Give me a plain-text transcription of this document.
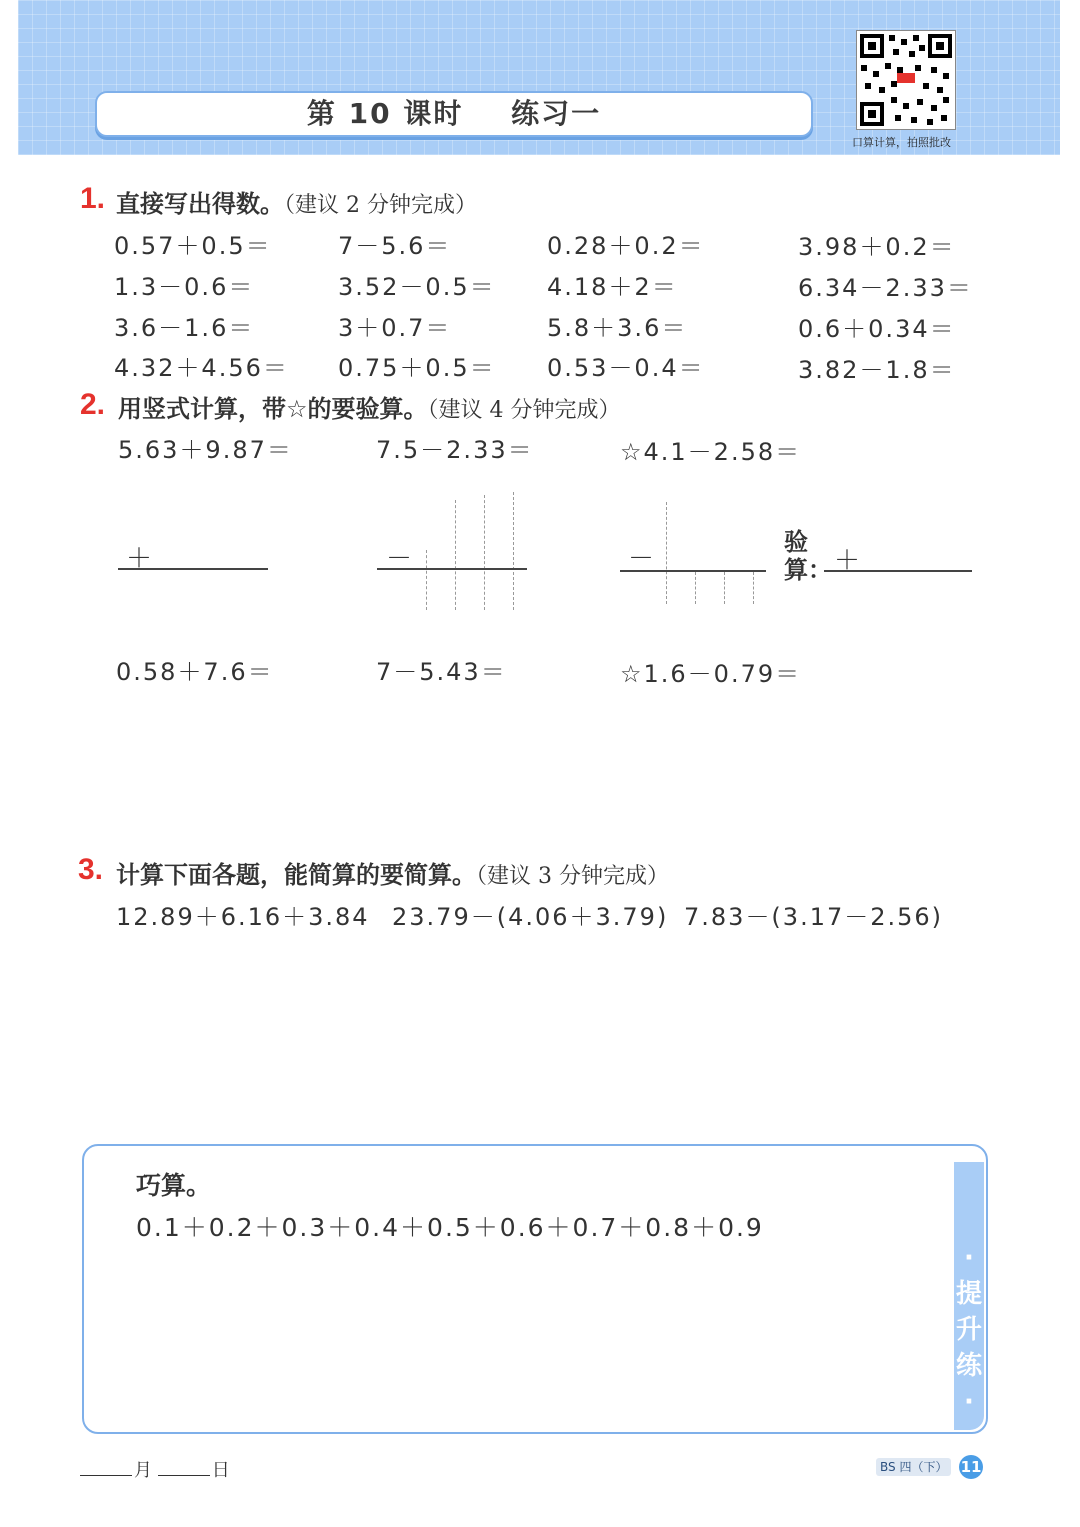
第 10 课时 练习一
口算计算，拍照批改
1. 直接写出得数。（建议 2 分钟完成）
0.57＋0.5＝	7－5.6＝	0.28＋0.2＝	3.98＋0.2＝
1.3－0.6＝	3.52－0.5＝ 4.18＋2＝	6.34－2.33＝
3.6－1.6＝	3＋0.7＝	5.8＋3.6＝	0.6＋0.34＝
4.32＋4.56＝ 0.75＋0.5＝ 0.53－0.4＝	3.82－1.8＝
2. 用竖式计算，带☆的要验算。（建议 4 分钟完成）
5.63＋9.87＝	7.5－2.33＝	☆4.1－2.58＝
＋	－	－
验算： ＋
0.58＋7.6＝	7－5.43＝	☆1.6－0.79＝
3. 计算下面各题，能简算的要简算。（建议 3 分钟完成）
12.89＋6.16＋3.84 23.79－(4.06＋3.79) 7.83－(3.17－2.56)
·提升练·
巧算。
0.1＋0.2＋0.3＋0.4＋0.5＋0.6＋0.7＋0.8＋0.9
月	日	BS 四（下） 11
